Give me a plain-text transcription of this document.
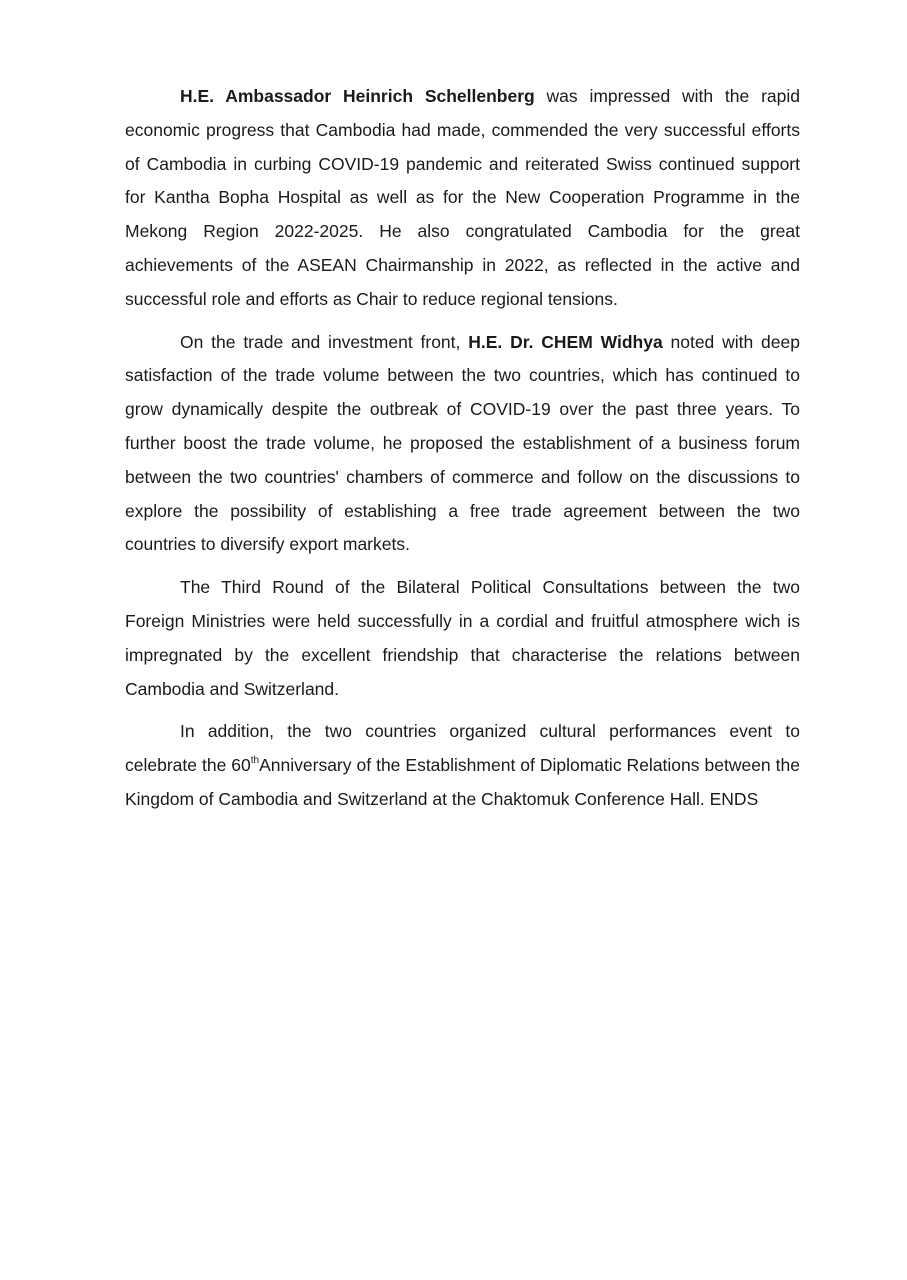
H.E. Ambassador Heinrich Schellenberg was impressed with the rapid economic progress that Cambodia had made, commended the very successful efforts of Cambodia in curbing COVID-19 pandemic and reiterated Swiss continued support for Kantha Bopha Hospital as well as for the New Cooperation Programme in the Mekong Region 2022-2025. He also congratulated Cambodia for the great achievements of the ASEAN Chairmanship in 2022, as reflected in the active and successful role and efforts as Chair to reduce regional tensions.

On the trade and investment front, H.E. Dr. CHEM Widhya noted with deep satisfaction of the trade volume between the two countries, which has continued to grow dynamically despite the outbreak of COVID-19 over the past three years. To further boost the trade volume, he proposed the establishment of a business forum between the two countries' chambers of commerce and follow on the discussions to explore the possibility of establishing a free trade agreement between the two countries to diversify export markets.

The Third Round of the Bilateral Political Consultations between the two Foreign Ministries were held successfully in a cordial and fruitful atmosphere wich is impregnated by the excellent friendship that characterise the relations between Cambodia and Switzerland.

In addition, the two countries organized cultural performances event to celebrate the 60thAnniversary of the Establishment of Diplomatic Relations between the Kingdom of Cambodia and Switzerland at the Chaktomuk Conference Hall. ENDS
